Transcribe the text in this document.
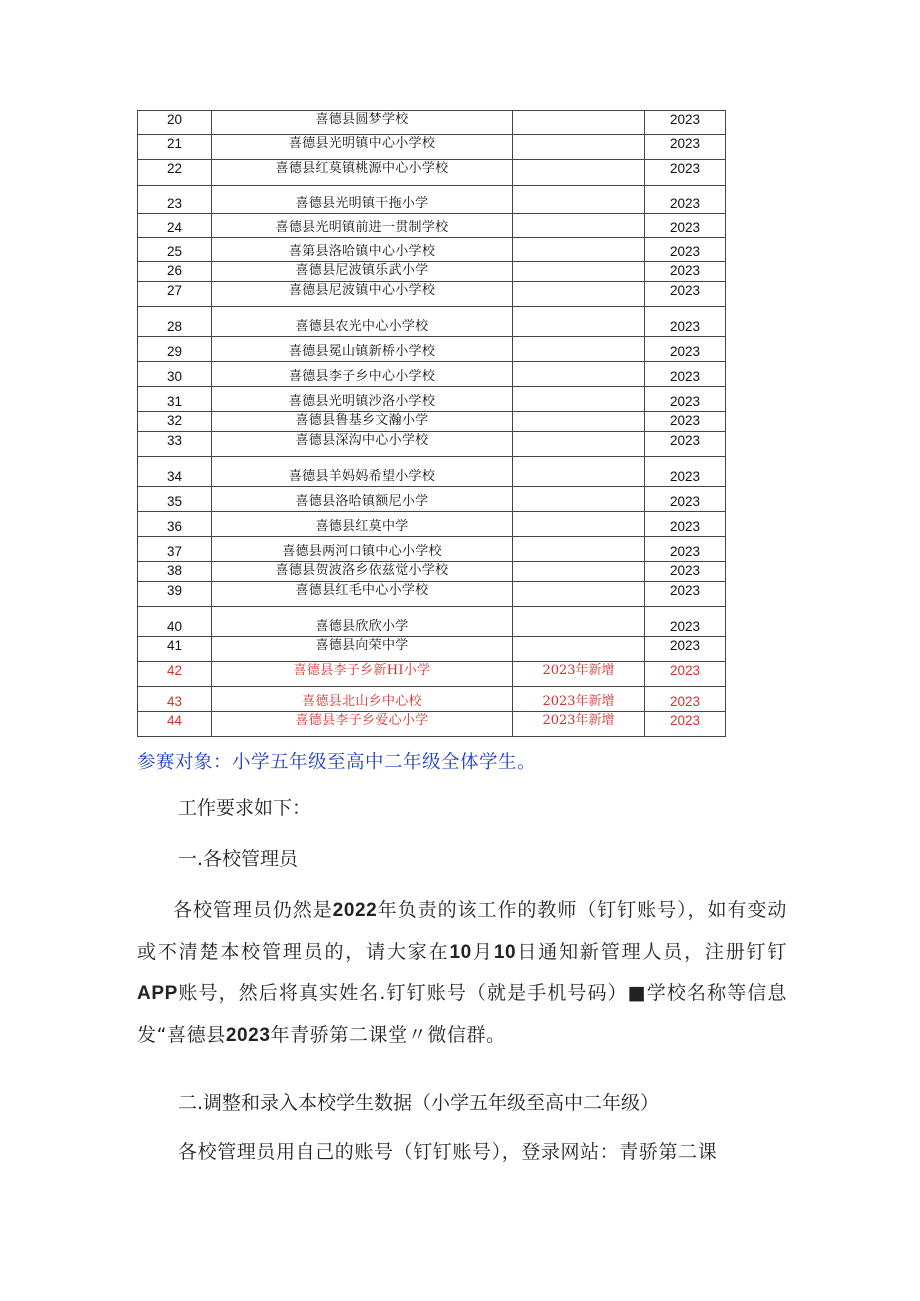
20	喜德县圆梦学校		2023
21	喜德县光明镇中心小学校		2023
22	喜德县红莫镇桃源中心小学校		2023
23	喜德县光明镇干拖小学		2023
24	喜德县光明镇前进一贯制学校		2023
25	喜第县洛哈镇中心小学校		2023
26	喜德县尼波镇乐武小学		2023
27	喜德县尼波镇中心小学校		2023
28	喜德县农光中心小学校		2023
29	喜德县冕山镇新桥小学校		2023
30	喜德县李子乡中心小学校		2023
31	喜德县光明镇沙洛小学校		2023
32	喜德县鲁基乡文瀚小学		2023
33	喜德县深沟中心小学校		2023
34	喜德县羊妈妈希望小学校		2023
35	喜德县洛哈镇额尼小学		2023
36	喜德县红莫中学		2023
37	喜德县两河口镇中心小学校		2023
38	喜德县贺波洛乡依兹觉小学校		2023
39	喜德县红毛中心小学校		2023
40	喜德县欣欣小学		2023
41	喜德县向荣中学		2023
42	喜德县李子乡新HI小学	2023年新增	2023
43	喜德县北山乡中心校	2023年新增	2023
44	喜德县李子乡爱心小学	2023年新增	2023

参赛对象：小学五年级至高中二年级全体学生。

工作要求如下：

一.各校管理员

各校管理员仍然是2022年负责的该工作的教师（钉钉账号），如有变动或不清楚本校管理员的，请大家在10月10日通知新管理人员，注册钉钉APP账号，然后将真实姓名.钉钉账号（就是手机号码）■学校名称等信息发“喜德县2023年青骄第二课堂〃微信群。

二.调整和录入本校学生数据（小学五年级至高中二年级）

各校管理员用自己的账号（钉钉账号），登录网站：青骄第二课
